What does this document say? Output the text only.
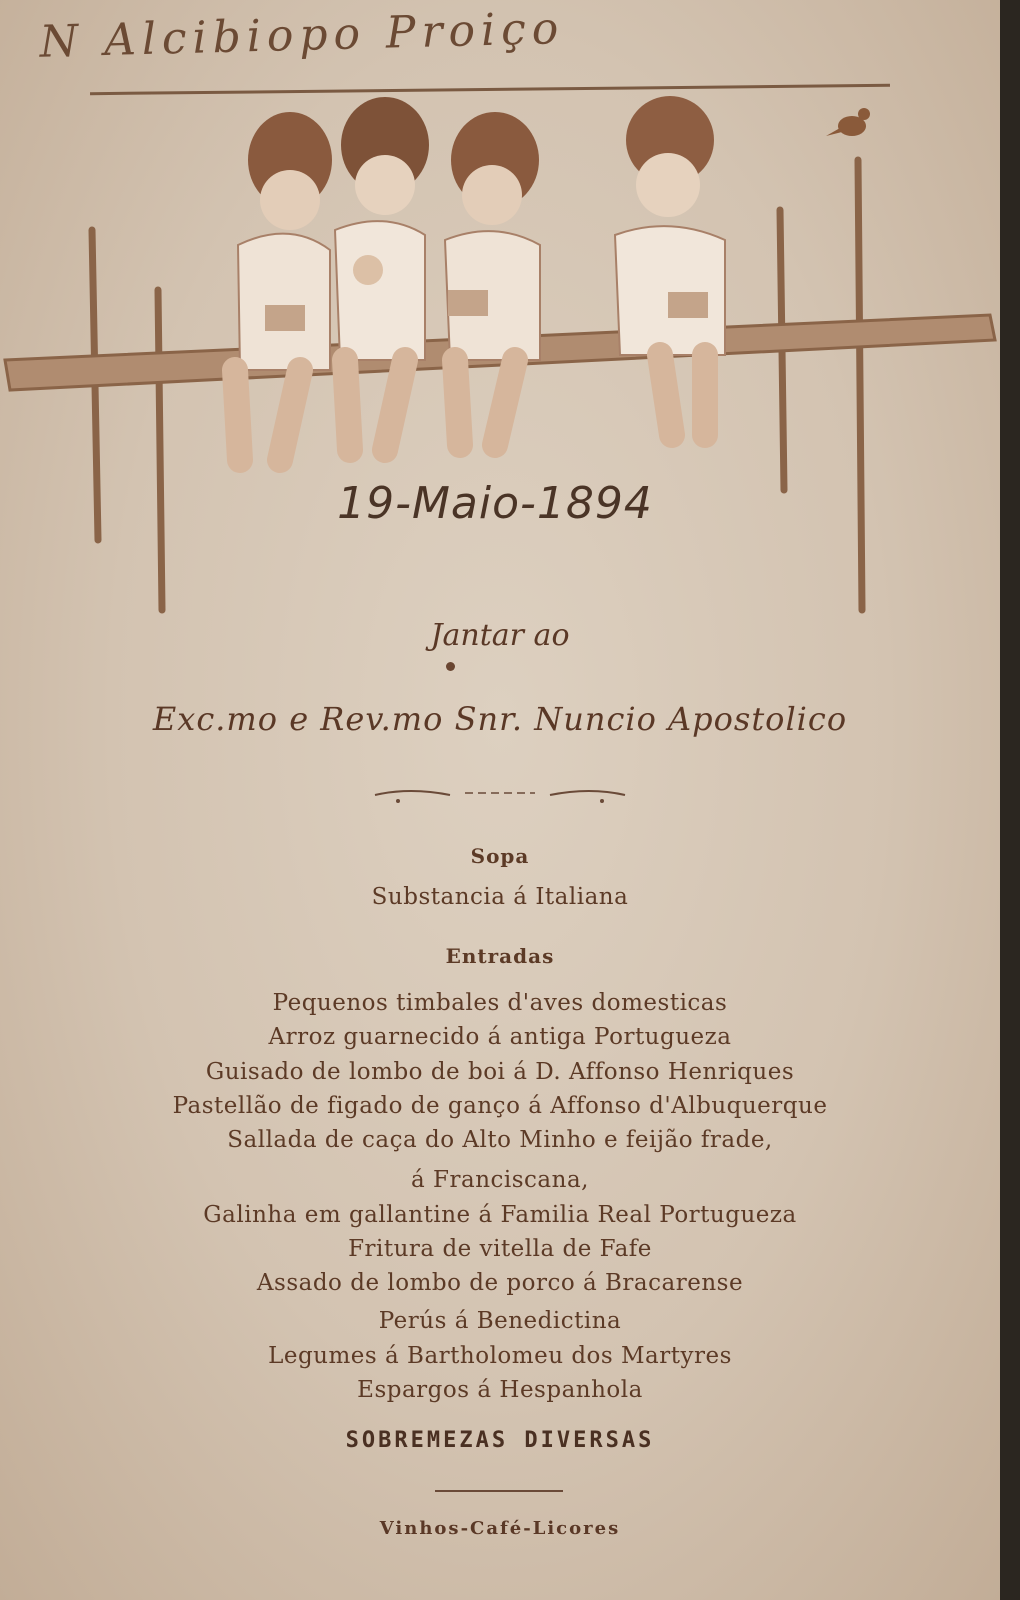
N Alcibiopo Proiço
19-Maio-1894
Jantar ao
Exc.mo e Rev.mo Snr. Nuncio Apostolico
Sopa
Substancia á Italiana
Entradas
Pequenos timbales d'aves domesticas
Arroz guarnecido á antiga Portugueza
Guisado de lombo de boi á D. Affonso Henriques
Pastellão de figado de ganço á Affonso d'Albuquerque
Sallada de caça do Alto Minho e feijão frade,
á Franciscana,
Galinha em gallantine á Familia Real Portugueza
Fritura de vitella de Fafe
Assado de lombo de porco á Bracarense
Perús á Benedictina
Legumes á Bartholomeu dos Martyres
Espargos á Hespanhola
SOBREMEZAS DIVERSAS
Vinhos-Café-Licores
